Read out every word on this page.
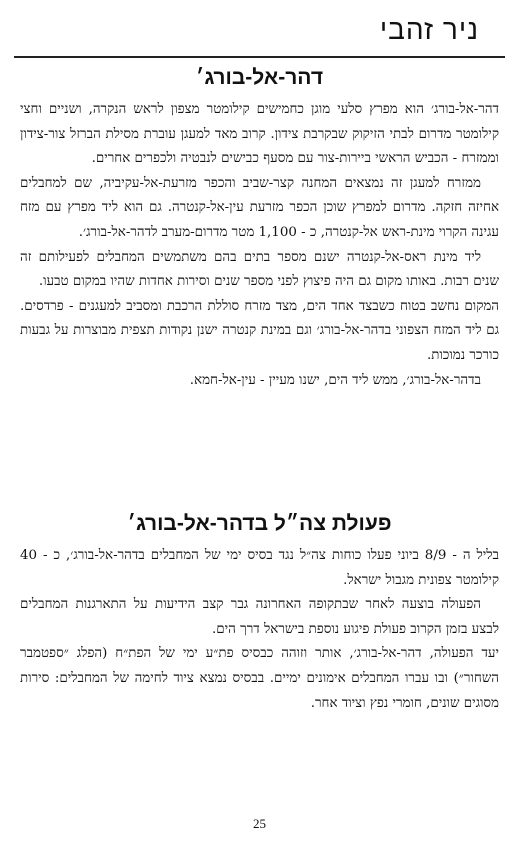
ניר זהבי
דהר-אל-בורג׳

דהר-אל-בורג׳ הוא מפרץ סלעי מוגן כחמישים קילומטר מצפון לראש הנקרה, ושניים וחצי קילומטר מדרום לבתי הזיקוק שבקרבת צידון. קרוב מאד למעגן עוברת מסילת הברזל צור-צידון וממזרח - הכביש הראשי ביירות-צור עם מסעף כבישים לנבטיה ולכפרים אחרים.

ממזרח למעגן זה נמצאים המחנה קצר-שביב והכפר מזרעת-אל-עקיביה, שם למחבלים אחיזה חזקה. מדרום למפרץ שוכן הכפר מזרעת עין-אל-קנטרה. גם הוא ליד מפרץ עם מזח עגינה הקרוי מינת-ראש אל-קנטרה, כ - 1,100 מטר מדרום-מערב לדהר-אל-בורג׳.

ליד מינת ראס-אל-קנטרה ישנם מספר בתים בהם משתמשים המחבלים לפעילותם זה שנים רבות. באותו מקום גם היה פיצוץ לפני מספר שנים וסירות אחדות שהיו במקום טבעו.

המקום נחשב בטוח כשבצד אחד הים, מצד מזרח סוללת הרכבת ומסביב למעגנים - פרדסים. גם ליד המזח הצפוני בדהר-אל-בורג׳ וגם במינת קנטרה ישנן נקודות תצפית מבוצרות על גבעות כורכר נמוכות.

בדהר-אל-בורג׳, ממש ליד הים, ישנו מעיין - עין-אל-חמא.

פעולת צה״ל בדהר-אל-בורג׳

בליל ה - 8/9 ביוני פעלו כוחות צה״ל נגד בסיס ימי של המחבלים בדהר-אל-בורג׳, כ - 40 קילומטר צפונית מגבול ישראל.

הפעולה בוצעה לאחר שבתקופה האחרונה גבר קצב הידיעות על התארגנות המחבלים לבצע בזמן הקרוב פעולת פיגוע נוספת בישראל דרך הים.

יעד הפעולה, דהר-אל-בורג׳, אותר וזוהה כבסיס פת״ע ימי של הפת״ח (הפלג ״ספטמבר השחור״) ובו עברו המחבלים אימונים ימיים. בבסיס נמצא ציוד לחימה של המחבלים: סירות מסוגים שונים, חומרי נפץ וציוד אחר.

25
